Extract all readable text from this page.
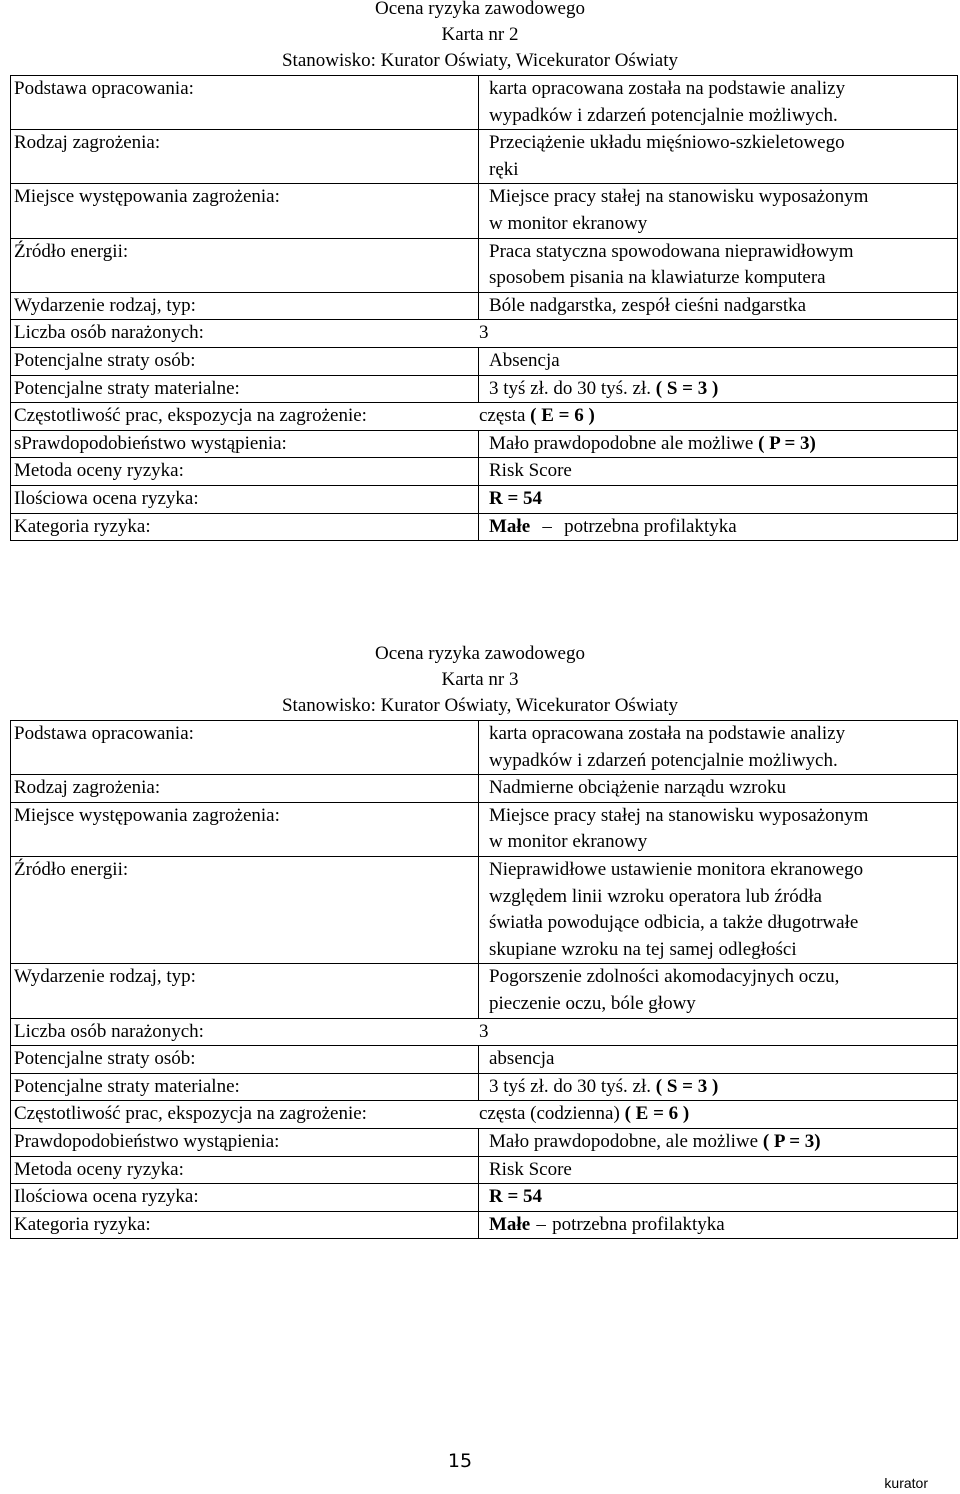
Ocena ryzyka zawodowego
Karta nr 2
Stanowisko: Kurator Oświaty, Wicekurator Oświaty
Podstawa opracowania:	karta opracowana została na podstawie analizy
wypadków i zdarzeń potencjalnie możliwych.

Rodzaj zagrożenia:	Przeciążenie układu mięśniowo-szkieletowego
ręki

Miejsce występowania zagrożenia:	Miejsce pracy stałej na stanowisku wyposażonym
w monitor ekranowy

Źródło energii:	Praca statyczna spowodowana nieprawidłowym
sposobem pisania na klawiaturze komputera

Wydarzenie rodzaj, typ:	Bóle nadgarstka, zespół cieśni nadgarstka

Liczba osób narażonych: 3	

Potencjalne straty osób:	Absencja
Potencjalne straty materialne:	3 tyś zł. do 30 tyś. zł. ( S = 3 )

Częstotliwość prac, ekspozycja na zagrożenie: częsta ( E = 6 )	

sPrawdopodobieństwo wystąpienia:	Mało prawdopodobne ale możliwe ( P = 3)
Metoda oceny ryzyka:	Risk Score
Ilościowa ocena ryzyka:	R = 54
Kategoria ryzyka:	Małe – potrzebna profilaktyka
Ocena ryzyka zawodowego
Karta nr 3
Stanowisko: Kurator Oświaty, Wicekurator Oświaty
Podstawa opracowania:	karta opracowana została na podstawie analizy
wypadków i zdarzeń potencjalnie możliwych.

Rodzaj zagrożenia:	Nadmierne obciążenie narządu wzroku
Miejsce występowania zagrożenia:	Miejsce pracy stałej na stanowisku wyposażonym
w monitor ekranowy

Źródło energii:	Nieprawidłowe ustawienie monitora ekranowego
względem linii wzroku operatora lub źródła
światła powodujące odbicia, a także długotrwałe
skupiane wzroku na tej samej odległości

Wydarzenie rodzaj, typ:	Pogorszenie zdolności akomodacyjnych oczu,
pieczenie oczu, bóle głowy

Liczba osób narażonych: 3	

Potencjalne straty osób:	absencja
Potencjalne straty materialne:	3 tyś zł. do 30 tyś. zł. ( S = 3 )

Częstotliwość prac, ekspozycja na zagrożenie: częsta (codzienna) ( E = 6 )	

Prawdopodobieństwo wystąpienia:	Mało prawdopodobne, ale możliwe ( P = 3)
Metoda oceny ryzyka:	Risk Score
Ilościowa ocena ryzyka:	R = 54
Kategoria ryzyka:	Małe – potrzebna profilaktyka
15
kurator
